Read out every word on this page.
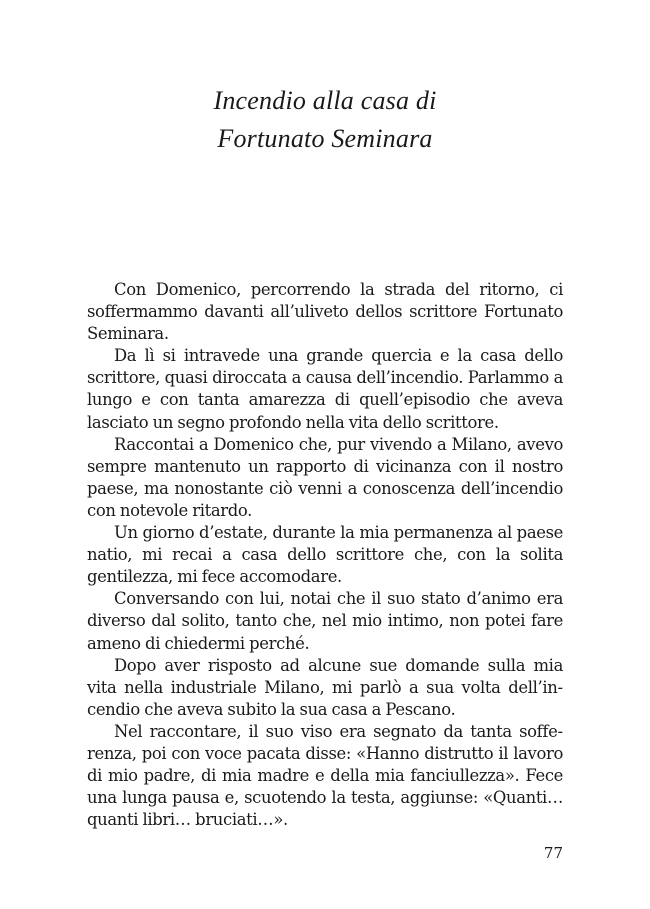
Incendio alla casa di
Fortunato Seminara

Con Domenico, percorrendo la strada del ritorno, ci soffermammo davanti all’uliveto dellos scrittore Fortunato Seminara.

Da lì si intravede una grande quercia e la casa dello scrittore, quasi diroccata a causa dell’incendio. Parlammo a lungo e con tanta amarezza di quell’episodio che aveva lasciato un segno profondo nella vita dello scrittore.

Raccontai a Domenico che, pur vivendo a Milano, avevo sempre mantenuto un rapporto di vicinanza con il nostro paese, ma nonostante ciò venni a conoscenza dell’incendio con notevole ritardo.

Un giorno d’estate, durante la mia permanenza al paese natio, mi recai a casa dello scrittore che, con la solita gentilezza, mi fece accomodare.

Conversando con lui, notai che il suo stato d’animo era diverso dal solito, tanto che, nel mio intimo, non potei fare ameno di chiedermi perché.

Dopo aver risposto ad alcune sue domande sulla mia vita nella industriale Milano, mi parlò a sua volta dell’incendio che aveva subito la sua casa a Pescano.

Nel raccontare, il suo viso era segnato da tanta sofferenza, poi con voce pacata disse: «Hanno distrutto il lavoro di mio padre, di mia madre e della mia fanciullezza». Fece una lunga pausa e, scuotendo la testa, aggiunse: «Quanti… quanti libri… bruciati…».

77
